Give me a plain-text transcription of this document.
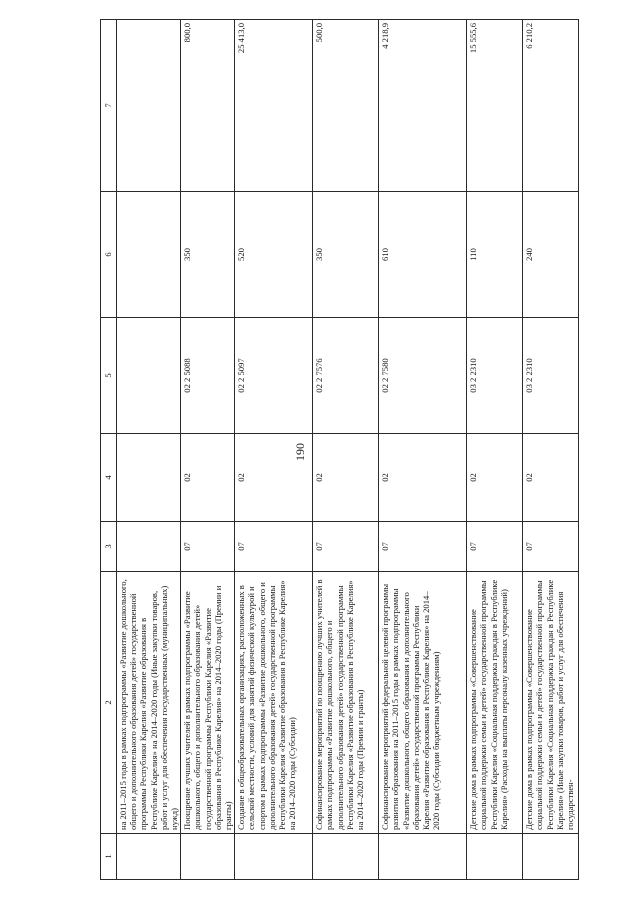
190
1	2	3	4	5	6	7
	на 2011–2015 годы в рамках подпрограммы «Развитие дошкольного, общего и дополнительного образования детей» государственной программы Республики Карелия «Развитие образования в Республике Карелия» на 2014–2020 годы (Иные закупки товаров, работ и услуг для обеспечения государственных (муниципальных) нужд)					
	Поощрение лучших учителей в рамках подпрограммы «Развитие дошкольного, общего и дополнительного образования детей» государственной программы Республики Карелия «Развитие образования в Республике Карелия» на 2014–2020 годы (Премии и гранты)	07	02	02 2 5088	350	800,0
	Создание в общеобразовательных организациях, расположенных в сельской местности, условий для занятий физической культурой и спортом в рамках подпрограммы «Развитие дошкольного, общего и дополнительного образования детей» государственной программы Республики Карелия «Развитие образования в Республике Карелия» на 2014–2020 годы (Субсидии)	07	02	02 2 5097	520	25 413,0
	Софинансирование мероприятий по поощрению лучших учителей в рамках подпрограммы «Развитие дошкольного, общего и дополнительного образования детей» государственной программы Республики Карелия «Развитие образования в Республике Карелия» на 2014–2020 годы (Премии и гранты)	07	02	02 2 7576	350	500,0
	Софинансирование мероприятий федеральной целевой программы развития образования на 2011–2015 годы в рамках подпрограммы «Развитие дошкольного, общего образования и дополнительного образования детей» государственной программы Республики Карелия «Развитие образования в Республике Карелия» на 2014–2020 годы (Субсидии бюджетным учреждениям)	07	02	02 2 7580	610	4 218,9
	Детские дома в рамках подпрограммы «Совершенствование социальной поддержки семьи и детей» государственной программы Республики Карелия «Социальная поддержка граждан в Республике Карелия» (Расходы на выплаты персоналу казенных учреждений)	07	02	03 2 2310	110	15 555,6
	Детские дома в рамках подпрограммы «Совершенствование социальной поддержки семьи и детей» государственной программы Республики Карелия «Социальная поддержка граждан в Республике Карелия» (Иные закупки товаров, работ и услуг для обеспечения государствен-	07	02	03 2 2310	240	6 210,2
